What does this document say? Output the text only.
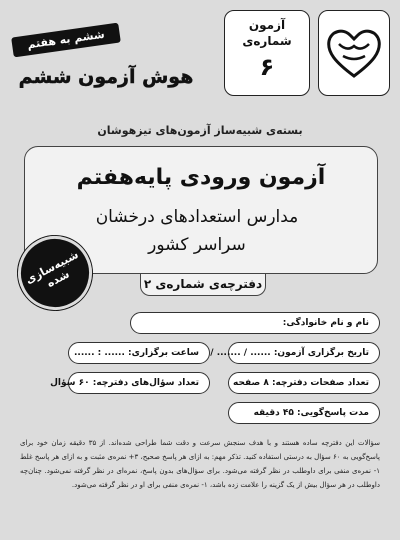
آزمون
شماره‌ی
۶
ششم به هفتم
هوش آزمون ششم
بسته‌ی شبیه‌ساز آزمون‌های تیزهوشان
آزمون ورودی پایه‌هفتم
مدارس استعدادهای درخشان
سراسر کشور
شبیه‌سازی شده	دفترچه‌ی شماره‌ی ۲
نام و نام خانوادگی:
تاریخ برگزاری آزمون: ...... / ....... /
ساعت برگزاری: ...... : ......
تعداد صفحات دفترچه: ۸ صفحه
تعداد سؤال‌های دفترچه: ۶۰ سؤال
مدت پاسخ‌گویی: ۴۵ دقیقه

سؤالات این دفترچه ساده هستند و با هدف سنجش سرعت و دقت شما طراحی شده‌اند. از ۳۵ دقیقه زمان خود برای پاسخ‌گویی به ۶۰ سؤال به درستی استفاده کنید. تذکر مهم: به ازای هر پاسخ صحیح، ۳+ نمره‌ی مثبت و به ازای هر پاسخ غلط ۱- نمره‌ی منفی برای داوطلب در نظر گرفته می‌شود. برای سؤال‌های بدون پاسخ، نمره‌ای در نظر گرفته نمی‌شود. چنان‌چه داوطلب در هر سؤال بیش از یک گزینه را علامت زده باشد، ۱- نمره‌ی منفی برای او در نظر گرفته می‌شود.
